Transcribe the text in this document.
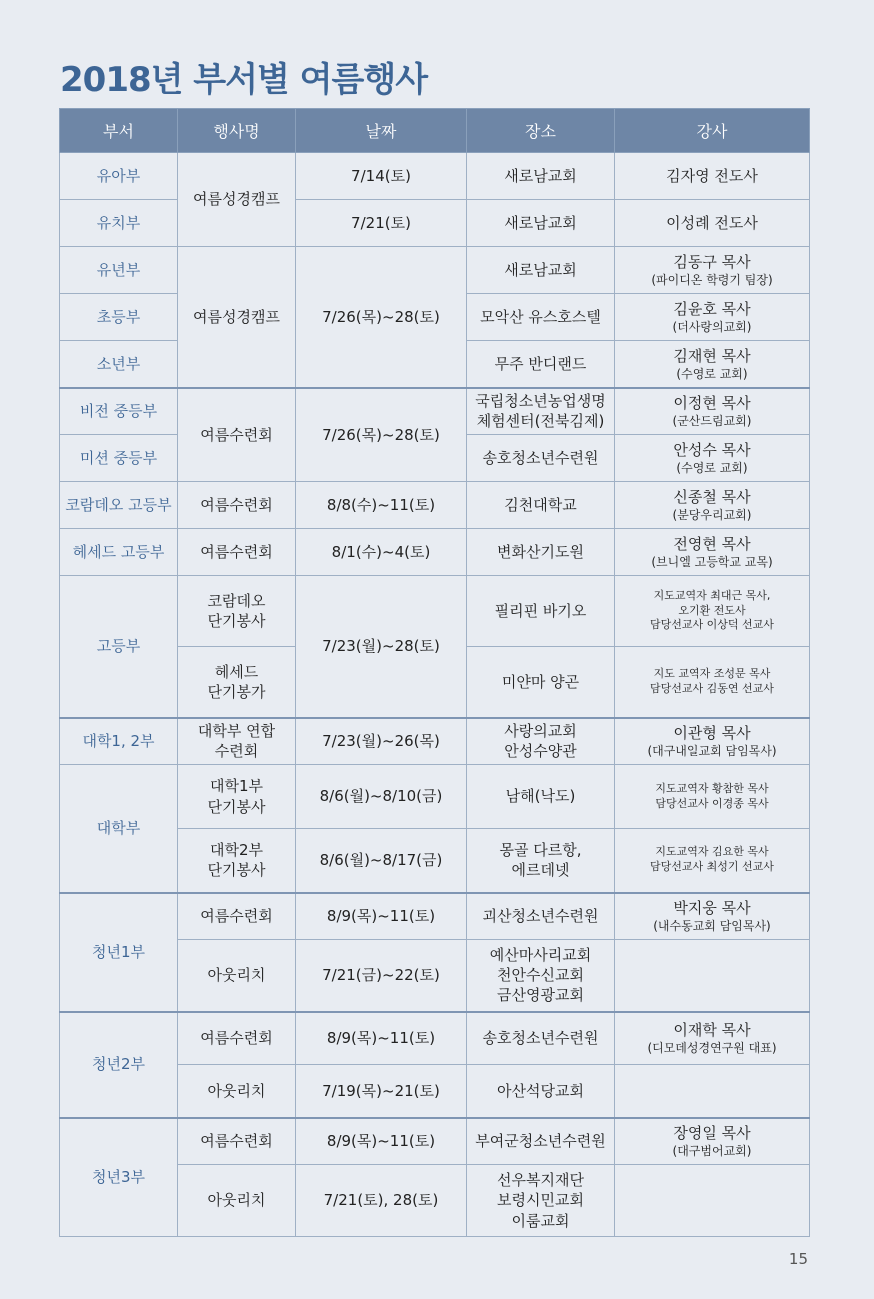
2018년 부서별 여름행사
부서	행사명	날짜	장소	강사
유아부	여름성경캠프	7/14(토)	새로남교회	김자영 전도사
유치부		7/21(토)	새로남교회	이성례 전도사
유년부	여름성경캠프	7/26(목)~28(토)	새로남교회	김동구 목사
(파이디온 학령기 팀장)

초등부			모악산 유스호스텔	김윤호 목사
(더사랑의교회)

소년부			무주 반디랜드	김재현 목사
(수영로 교회)

비전 중등부	여름수련회	7/26(목)~28(토)	국립청소년농업생명
체험센터(전북김제)	이정현 목사
(군산드림교회)

미션 중등부			송호청소년수련원	안성수 목사
(수영로 교회)

코람데오 고등부	여름수련회	8/8(수)~11(토)	김천대학교	신종철 목사
(분당우리교회)

헤세드 고등부	여름수련회	8/1(수)~4(토)	변화산기도원	전영현 목사
(브니엘 고등학교 교목)

고등부	코람데오
단기봉사	7/23(월)~28(토)	필리핀 바기오	지도교역자 최대근 목사,
오기환 전도사
담당선교사 이상덕 선교사
	헤세드
단기봉가		미얀마 양곤	지도 교역자 조성문 목사
담당선교사 김동연 선교사
대학1, 2부	대학부 연합
수련회	7/23(월)~26(목)	사랑의교회
안성수양관	이관형 목사
(대구내일교회 담임목사)

대학부	대학1부
단기봉사	8/6(월)~8/10(금)	남해(낙도)	지도교역자 황참한 목사
담당선교사 이경종 목사
	대학2부
단기봉사	8/6(월)~8/17(금)	몽골 다르항,
에르데넷	지도교역자 김요한 목사
담당선교사 최성기 선교사
청년1부	여름수련회	8/9(목)~11(토)	괴산청소년수련원	박지웅 목사
(내수동교회 담임목사)

	아웃리치	7/21(금)~22(토)	예산마사리교회
천안수신교회
금산영광교회	
청년2부	여름수련회	8/9(목)~11(토)	송호청소년수련원	이재학 목사
(디모데성경연구원 대표)

	아웃리치	7/19(목)~21(토)	아산석당교회	
청년3부	여름수련회	8/9(목)~11(토)	부여군청소년수련원	장영일 목사
(대구범어교회)

	아웃리치	7/21(토), 28(토)	선우복지재단
보령시민교회
이룸교회	
15
